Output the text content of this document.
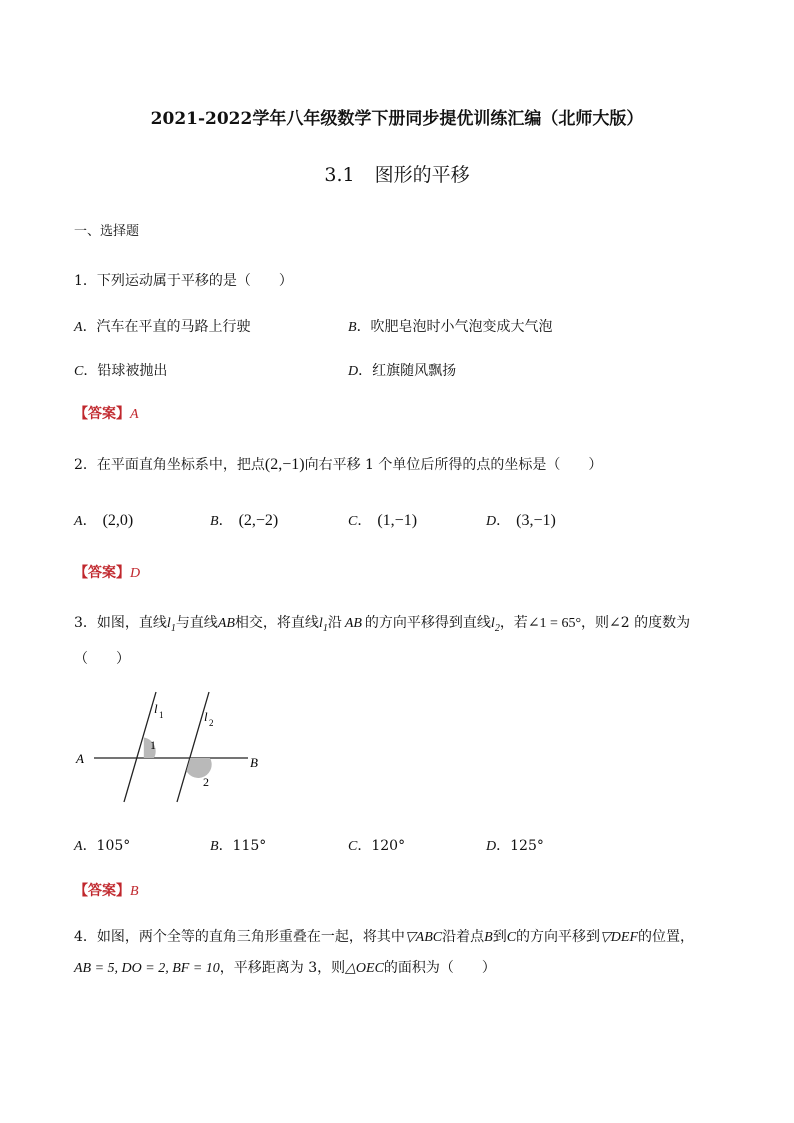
2021-2022学年八年级数学下册同步提优训练汇编（北师大版）
3.1 图形的平移
一、选择题
1．下列运动属于平移的是（　　）
A．汽车在平直的马路上行驶	B．吹肥皂泡时小气泡变成大气泡
C．铅球被抛出	D．红旗随风飘扬
【答案】A
2．在平面直角坐标系中，把点(2,−1)向右平移 1 个单位后所得的点的坐标是（　　）
A． (2,0)	B． (2,−2)	C． (1,−1)	D． (3,−1)
【答案】D
3．如图，直线$l_1$与直线AB相交，将直线$l_1$沿 AB 的方向平移得到直线$l_2$，若∠1 = 65°，则∠2 的度数为
（　　）
A	B
l 1	l 2
1
2
A．105°	B．115°	C．120°	D．125°
【答案】B
4．如图，两个全等的直角三角形重叠在一起，将其中▽ABC沿着点B到C的方向平移到▽DEF的位置，
AB = 5, DO = 2, BF = 10，平移距离为 3，则△OEC的面积为（　　）
